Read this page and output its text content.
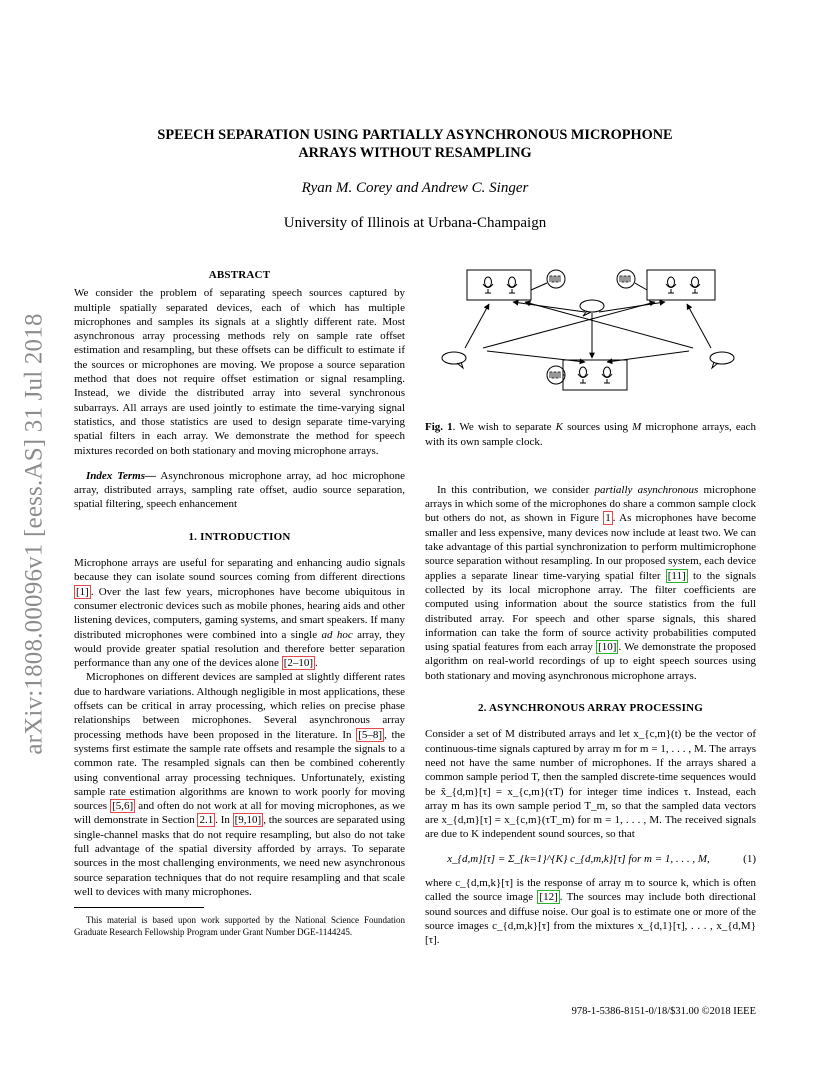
arXiv:1808.00096v1 [eess.AS] 31 Jul 2018
SPEECH SEPARATION USING PARTIALLY ASYNCHRONOUS MICROPHONE ARRAYS WITHOUT RESAMPLING
Ryan M. Corey and Andrew C. Singer
University of Illinois at Urbana-Champaign
ABSTRACT

We consider the problem of separating speech sources captured by multiple spatially separated devices, each of which has multiple microphones and samples its signals at a slightly different rate. Most asynchronous array processing methods rely on sample rate offset estimation and resampling, but these offsets can be difficult to estimate if the sources or microphones are moving. We propose a source separation method that does not require offset estimation or signal resampling. Instead, we divide the distributed array into several synchronous subarrays. All arrays are used jointly to estimate the time-varying signal statistics, and those statistics are used to design separate time-varying spatial filters in each array. We demonstrate the method for speech mixtures recorded on both stationary and moving microphone arrays.

Index Terms— Asynchronous microphone array, ad hoc microphone array, distributed arrays, sampling rate offset, audio source separation, spatial filtering, speech enhancement

1. INTRODUCTION

Microphone arrays are useful for separating and enhancing audio signals because they can isolate sound sources coming from different directions [1] . Over the last few years, microphones have become ubiquitous in consumer electronic devices such as mobile phones, hearing aids and other listening devices, computers, gaming systems, and smart speakers. If many distributed microphones were combined into a single ad hoc array, they would provide greater spatial resolution and therefore better separation performance than any one of the devices alone [2–10] .

Microphones on different devices are sampled at slightly different rates due to hardware variations. Although negligible in most applications, these offsets can be critical in array processing, which relies on precise phase relationships between microphones. Several asynchronous array processing methods have been proposed in the literature. In [5–8] , the systems first estimate the sample rate offsets and resample the signals to a common rate. The resampled signals can then be combined coherently using conventional array processing techniques. Unfortunately, existing sample rate estimation algorithms are known to work poorly for moving sources [5,6] and often do not work at all for moving microphones, as we will demonstrate in Section 2.1 . In [9,10] , the sources are separated using single-channel masks that do not require resampling, but also do not take full advantage of the spatial diversity afforded by arrays. To separate sources in the most challenging environments, we need new asynchronous source separation techniques that do not require resampling and that scale well to devices with many microphones.

This material is based upon work supported by the National Science Foundation Graduate Research Fellowship Program under Grant Number DGE-1144245.

Fig. 1. We wish to separate K sources using M microphone arrays, each with its own sample clock.

In this contribution, we consider partially asynchronous microphone arrays in which some of the microphones do share a common sample clock but others do not, as shown in Figure 1 . As microphones have become smaller and less expensive, many devices now include at least two. We can take advantage of this partial synchronization to perform multimicrophone source separation without resampling. In our proposed system, each device applies a separate linear time-varying spatial filter [11] to the signals collected by its local microphone array. The filter coefficients are computed using information about the source statistics from the full distributed array. For speech and other sparse signals, this shared information can take the form of source activity probabilities computed using spatial features from each array [10] . We demonstrate the proposed algorithm on real-world recordings of up to eight speech sources using both stationary and moving asynchronous microphone arrays.

2. ASYNCHRONOUS ARRAY PROCESSING

Consider a set of M distributed arrays and let x_{c,m}(t) be the vector of continuous-time signals captured by array m for m = 1, . . . , M. The arrays need not have the same number of microphones. If the arrays shared a common sample period T, then the sampled discrete-time sequences would be x̃_{d,m}[τ] = x_{c,m}(τT) for integer time indices τ. Instead, each array m has its own sample period T_m, so that the sampled data vectors are x_{d,m}[τ] = x_{c,m}(τT_m) for m = 1, . . . , M. The received signals are due to K independent sound sources, so that

x_{d,m}[τ] = Σ_{k=1}^{K} c_{d,m,k}[τ] for m = 1, . . . , M,	(1)

where c_{d,m,k}[τ] is the response of array m to source k, which is often called the source image [12] . The sources may include both directional sound sources and diffuse noise. Our goal is to estimate one or more of the source images c_{d,m,k}[τ] from the mixtures x_{d,1}[τ], . . . , x_{d,M}[τ].

978-1-5386-8151-0/18/$31.00 ©2018 IEEE
